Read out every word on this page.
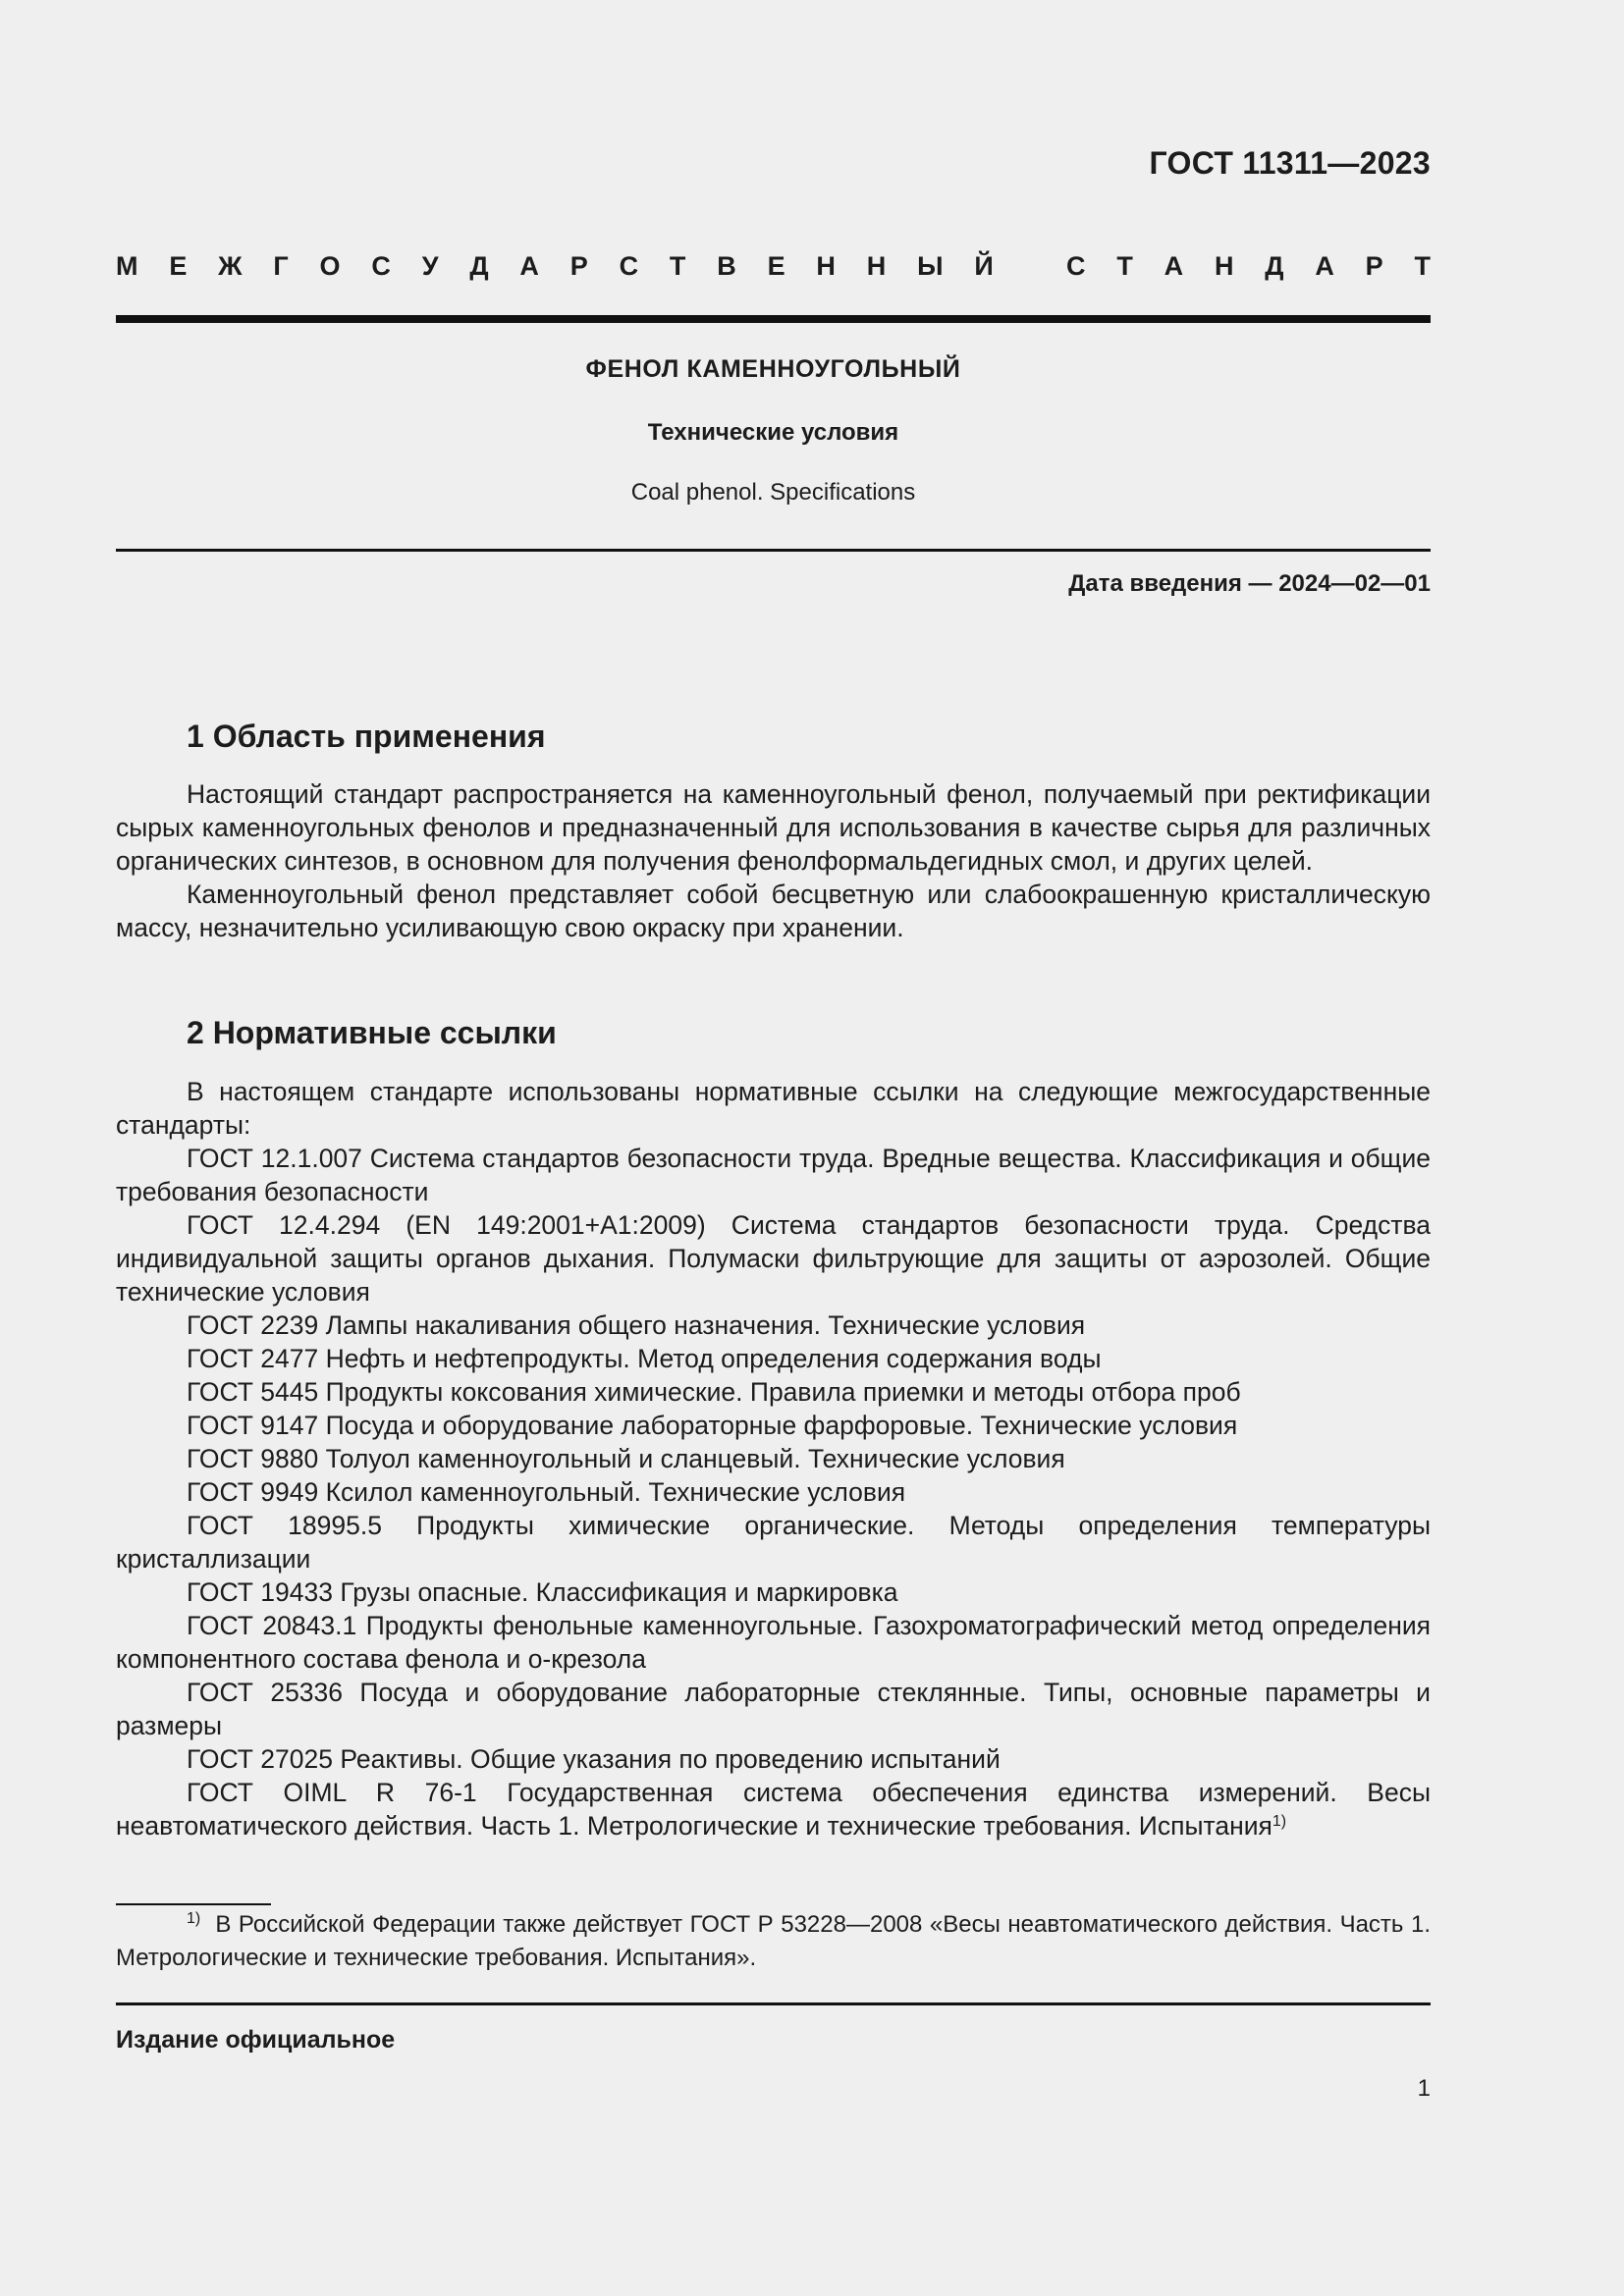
ГОСТ 11311—2023
М Е Ж Г О С У Д А Р С Т В Е Н Н Ы Й	С Т А Н Д А Р Т
ФЕНОЛ КАМЕННОУГОЛЬНЫЙ
Технические условия
Coal phenol. Specifications
Дата введения — 2024—02—01
1 Область применения

Настоящий стандарт распространяется на каменноугольный фенол, получаемый при ректификации сырых каменноугольных фенолов и предназначенный для использования в качестве сырья для различных органических синтезов, в основном для получения фенолформальдегидных смол, и других целей.

Каменноугольный фенол представляет собой бесцветную или слабоокрашенную кристаллическую массу, незначительно усиливающую свою окраску при хранении.

2 Нормативные ссылки

В настоящем стандарте использованы нормативные ссылки на следующие межгосударственные стандарты:

ГОСТ 12.1.007 Система стандартов безопасности труда. Вредные вещества. Классификация и общие требования безопасности

ГОСТ 12.4.294 (EN 149:2001+A1:2009) Система стандартов безопасности труда. Средства индивидуальной защиты органов дыхания. Полумаски фильтрующие для защиты от аэрозолей. Общие технические условия

ГОСТ 2239 Лампы накаливания общего назначения. Технические условия

ГОСТ 2477 Нефть и нефтепродукты. Метод определения содержания воды

ГОСТ 5445 Продукты коксования химические. Правила приемки и методы отбора проб

ГОСТ 9147 Посуда и оборудование лабораторные фарфоровые. Технические условия

ГОСТ 9880 Толуол каменноугольный и сланцевый. Технические условия

ГОСТ 9949 Ксилол каменноугольный. Технические условия

ГОСТ 18995.5 Продукты химические органические. Методы определения температуры кристаллизации

ГОСТ 19433 Грузы опасные. Классификация и маркировка

ГОСТ 20843.1 Продукты фенольные каменноугольные. Газохроматографический метод определения компонентного состава фенола и о-крезола

ГОСТ 25336 Посуда и оборудование лабораторные стеклянные. Типы, основные параметры и размеры

ГОСТ 27025 Реактивы. Общие указания по проведению испытаний

ГОСТ OIML R 76-1 Государственная система обеспечения единства измерений. Весы неавтоматического действия. Часть 1. Метрологические и технические требования. Испытания$^{1)}$

$^{1)}$ В Российской Федерации также действует ГОСТ Р 53228—2008 «Весы неавтоматического действия. Часть 1. Метрологические и технические требования. Испытания».

Издание официальное
1
